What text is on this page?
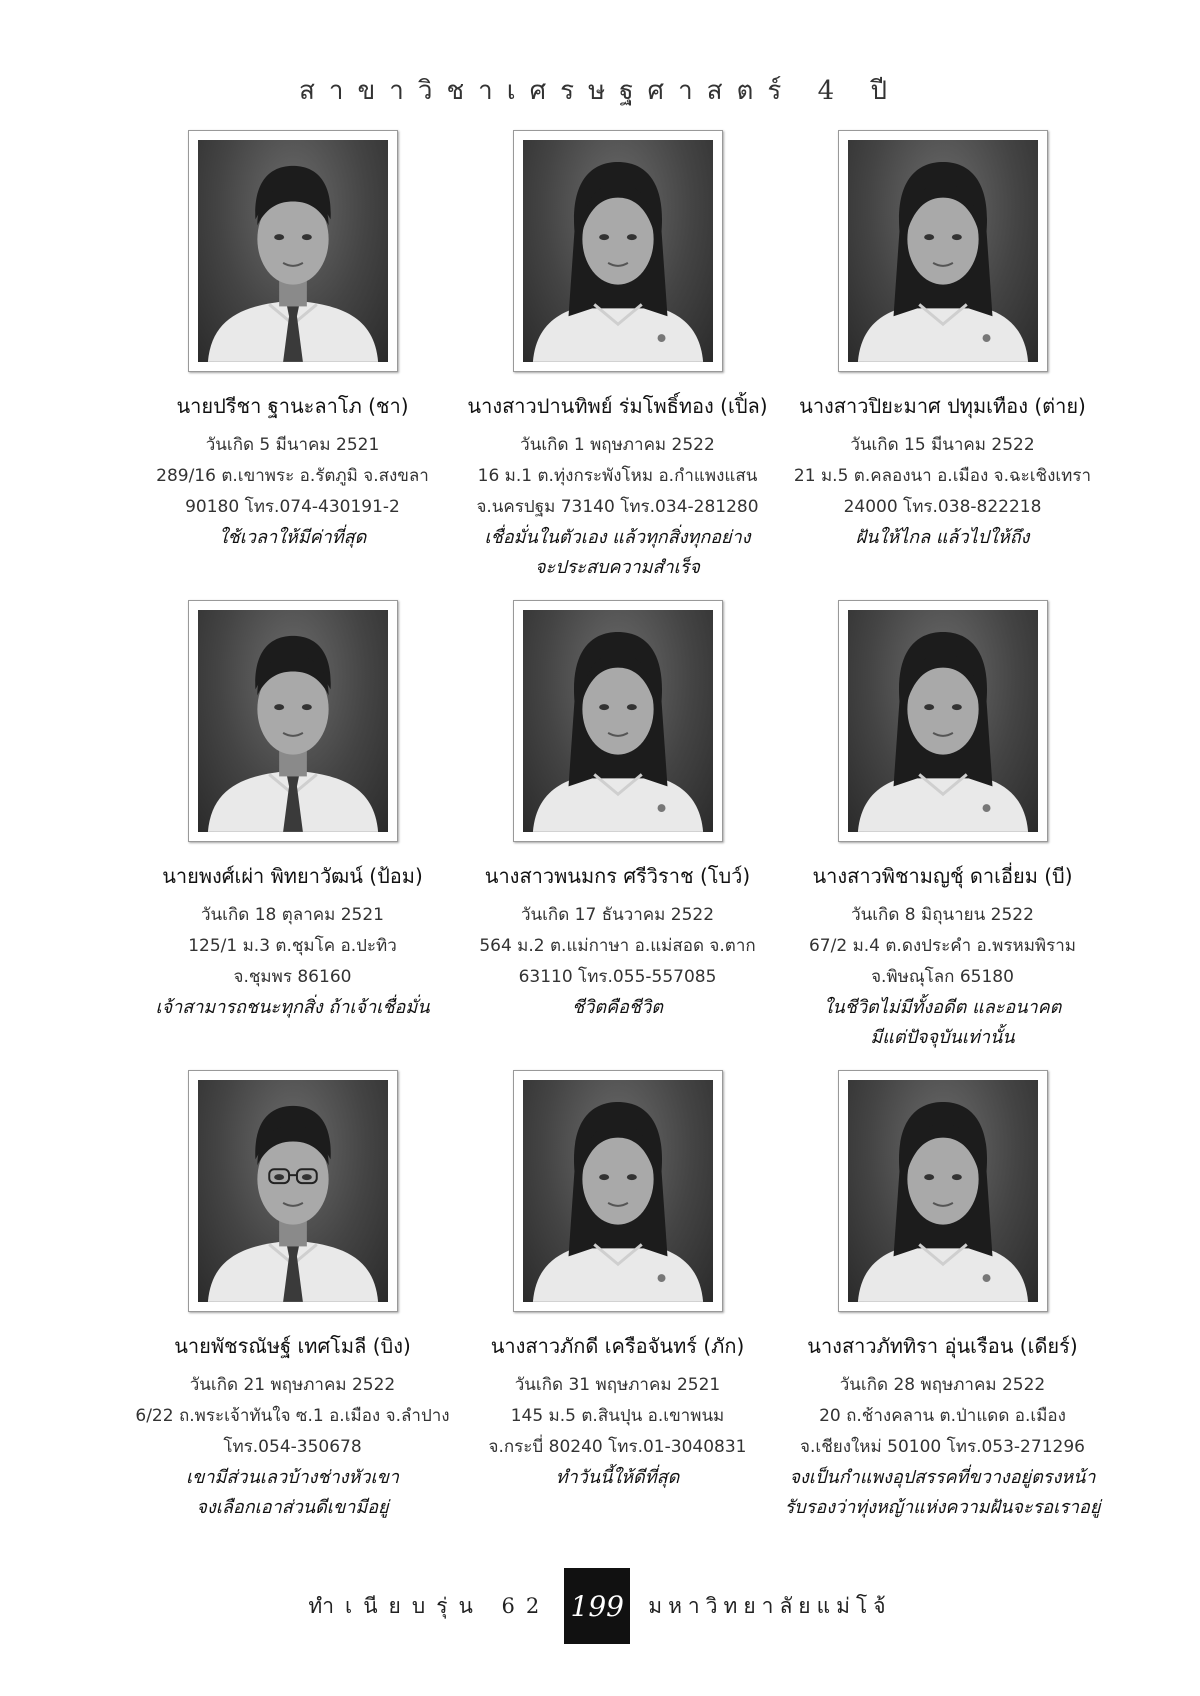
สาขาวิชาเศรษฐศาสตร์ 4 ปี
นายปรีชา ฐานะลาโภ (ชา)
วันเกิด 5 มีนาคม 2521
289/16 ต.เขาพระ อ.รัตภูมิ จ.สงขลา
90180 โทร.074-430191-2
ใช้เวลาให้มีค่าที่สุด
นางสาวปานทิพย์ ร่มโพธิ์ทอง (เปิ้ล)
วันเกิด 1 พฤษภาคม 2522
16 ม.1 ต.ทุ่งกระพังโหม อ.กำแพงแสน
จ.นครปฐม 73140 โทร.034-281280
เชื่อมั่นในตัวเอง แล้วทุกสิ่งทุกอย่าง
จะประสบความสำเร็จ
นางสาวปิยะมาศ ปทุมเทือง (ต่าย)
วันเกิด 15 มีนาคม 2522
21 ม.5 ต.คลองนา อ.เมือง จ.ฉะเชิงเทรา
24000 โทร.038-822218
ฝันให้ไกล แล้วไปให้ถึง
นายพงศ์เผ่า พิทยาวัฒน์ (ป้อม)
วันเกิด 18 ตุลาคม 2521
125/1 ม.3 ต.ชุมโค อ.ปะทิว
จ.ชุมพร 86160
เจ้าสามารถชนะทุกสิ่ง ถ้าเจ้าเชื่อมั่น
นางสาวพนมกร ศรีวิราช (โบว์)
วันเกิด 17 ธันวาคม 2522
564 ม.2 ต.แม่กาษา อ.แม่สอด จ.ตาก
63110 โทร.055-557085
ชีวิตคือชีวิต
นางสาวพิชามญชุ์ ดาเอี่ยม (บี)
วันเกิด 8 มิถุนายน 2522
67/2 ม.4 ต.ดงประคำ อ.พรหมพิราม
จ.พิษณุโลก 65180
ในชีวิตไม่มีทั้งอดีต และอนาคต
มีแต่ปัจจุบันเท่านั้น
นายพัชรณัษฐ์ เทศโมลี (บิง)
วันเกิด 21 พฤษภาคม 2522
6/22 ถ.พระเจ้าทันใจ ซ.1 อ.เมือง จ.ลำปาง
โทร.054-350678
เขามีส่วนเลวบ้างช่างหัวเขา
จงเลือกเอาส่วนดีเขามีอยู่
นางสาวภักดี เครือจันทร์ (ภัก)
วันเกิด 31 พฤษภาคม 2521
145 ม.5 ต.สินปุน อ.เขาพนม
จ.กระบี่ 80240 โทร.01-3040831
ทำวันนี้ให้ดีที่สุด
นางสาวภัททิรา อุ่นเรือน (เดียร์)
วันเกิด 28 พฤษภาคม 2522
20 ถ.ช้างคลาน ต.ป่าแดด อ.เมือง
จ.เชียงใหม่ 50100 โทร.053-271296
จงเป็นกำแพงอุปสรรคที่ขวางอยู่ตรงหน้า
รับรองว่าทุ่งหญ้าแห่งความฝันจะรอเราอยู่
ทำเนียบรุ่น 62 199 มหาวิทยาลัยแม่โจ้
